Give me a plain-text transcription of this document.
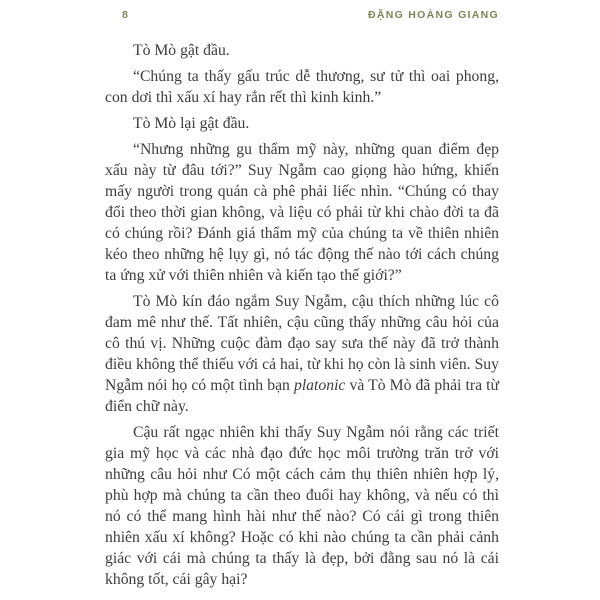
8	ĐẶNG HOÀNG GIANG

Tò Mò gật đầu.

“Chúng ta thấy gấu trúc dễ thương, sư tử thì oai phong, con dơi thì xấu xí hay rắn rết thì kinh kinh.”

Tò Mò lại gật đầu.

“Nhưng những gu thẩm mỹ này, những quan điểm đẹp xấu này từ đâu tới?” Suy Ngẫm cao giọng hào hứng, khiến mấy người trong quán cà phê phải liếc nhìn. “Chúng có thay đổi theo thời gian không, và liệu có phải từ khi chào đời ta đã có chúng rồi? Đánh giá thẩm mỹ của chúng ta về thiên nhiên kéo theo những hệ lụy gì, nó tác động thế nào tới cách chúng ta ứng xử với thiên nhiên và kiến tạo thế giới?”

Tò Mò kín đáo ngắm Suy Ngẫm, cậu thích những lúc cô đam mê như thế. Tất nhiên, cậu cũng thấy những câu hỏi của cô thú vị. Những cuộc đàm đạo say sưa thế này đã trở thành điều không thể thiếu với cả hai, từ khi họ còn là sinh viên. Suy Ngẫm nói họ có một tình bạn platonic và Tò Mò đã phải tra từ điển chữ này.

Cậu rất ngạc nhiên khi thấy Suy Ngẫm nói rằng các triết gia mỹ học và các nhà đạo đức học môi trường trăn trở với những câu hỏi như Có một cách cảm thụ thiên nhiên hợp lý, phù hợp mà chúng ta cần theo đuổi hay không, và nếu có thì nó có thể mang hình hài như thế nào? Có cái gì trong thiên nhiên xấu xí không? Hoặc có khi nào chúng ta cần phải cảnh giác với cái mà chúng ta thấy là đẹp, bởi đằng sau nó là cái không tốt, cái gây hại?
